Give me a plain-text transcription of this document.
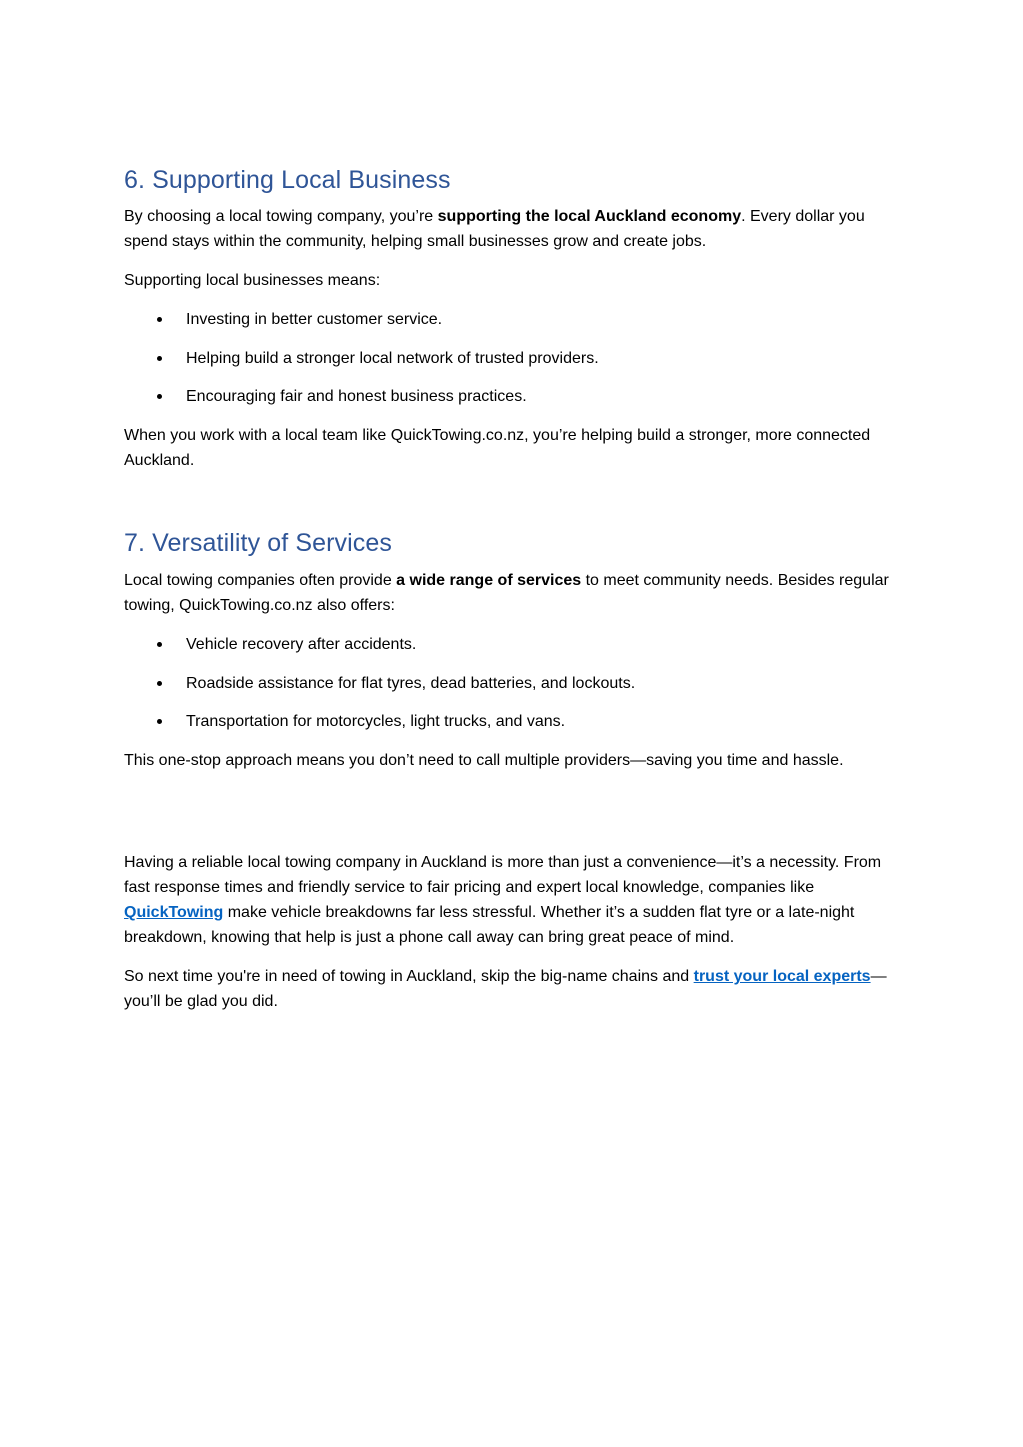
6. Supporting Local Business

By choosing a local towing company, you’re supporting the local Auckland economy. Every dollar you spend stays within the community, helping small businesses grow and create jobs.

Supporting local businesses means:

Investing in better customer service.
Helping build a stronger local network of trusted providers.
Encouraging fair and honest business practices.

When you work with a local team like QuickTowing.co.nz, you’re helping build a stronger, more connected Auckland.

7. Versatility of Services

Local towing companies often provide a wide range of services to meet community needs. Besides regular towing, QuickTowing.co.nz also offers:

Vehicle recovery after accidents.
Roadside assistance for flat tyres, dead batteries, and lockouts.
Transportation for motorcycles, light trucks, and vans.

This one-stop approach means you don’t need to call multiple providers—saving you time and hassle.

Having a reliable local towing company in Auckland is more than just a convenience—it’s a necessity. From fast response times and friendly service to fair pricing and expert local knowledge, companies like QuickTowing make vehicle breakdowns far less stressful. Whether it’s a sudden flat tyre or a late-night breakdown, knowing that help is just a phone call away can bring great peace of mind.

So next time you're in need of towing in Auckland, skip the big-name chains and trust your local experts—you’ll be glad you did.
